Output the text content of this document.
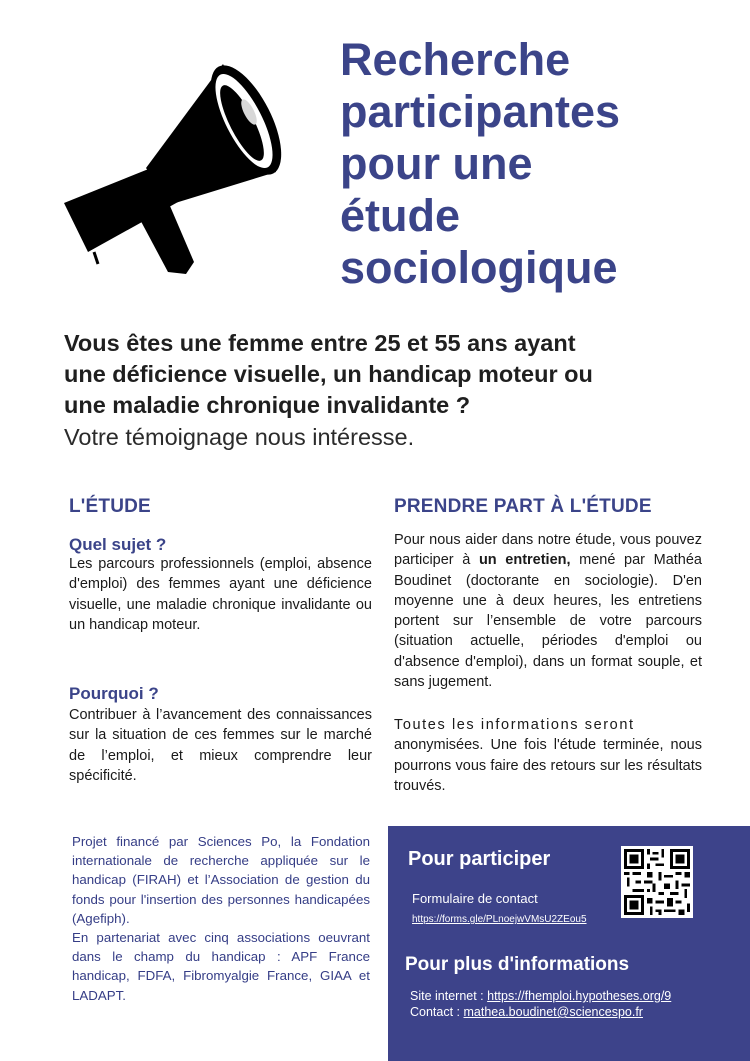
Recherche
participantes
pour une
étude
sociologique
Vous êtes une femme entre 25 et 55 ans ayant
une déficience visuelle, un handicap moteur ou
une maladie chronique invalidante ?
Votre témoignage nous intéresse.
L'ÉTUDE
Quel sujet ?
Les parcours professionnels (emploi, absence d'emploi) des femmes ayant une déficience visuelle, une maladie chronique invalidante ou un handicap moteur.
Pourquoi ?
Contribuer à l’avancement des connaissances sur la situation de ces femmes sur le marché de l’emploi, et mieux comprendre leur spécificité.
PRENDRE PART À L'ÉTUDE
Pour nous aider dans notre étude, vous pouvez participer à un entretien, mené par Mathéa Boudinet (doctorante en sociologie). D'en moyenne une à deux heures, les entretiens portent sur l’ensemble de votre parcours (situation actuelle, périodes d'emploi ou d'absence d'emploi), dans un format souple, et sans jugement.
Toutes les informations seront
anonymisées. Une fois l'étude terminée, nous pourrons vous faire des retours sur les résultats trouvés.
Projet financé par Sciences Po, la Fondation internationale de recherche appliquée sur le handicap (FIRAH) et l’Association de gestion du fonds pour l'insertion des personnes handicapées (Agefiph).
En partenariat avec cinq associations oeuvrant dans le champ du handicap : APF France handicap, FDFA, Fibromyalgie France, GIAA et LADAPT.
Pour participer
Formulaire de contact
https://forms.gle/PLnoejwVMsU2ZEou5
Pour plus d'informations
Site internet : https://fhemploi.hypotheses.org/9
Contact : mathea.boudinet@sciencespo.fr
